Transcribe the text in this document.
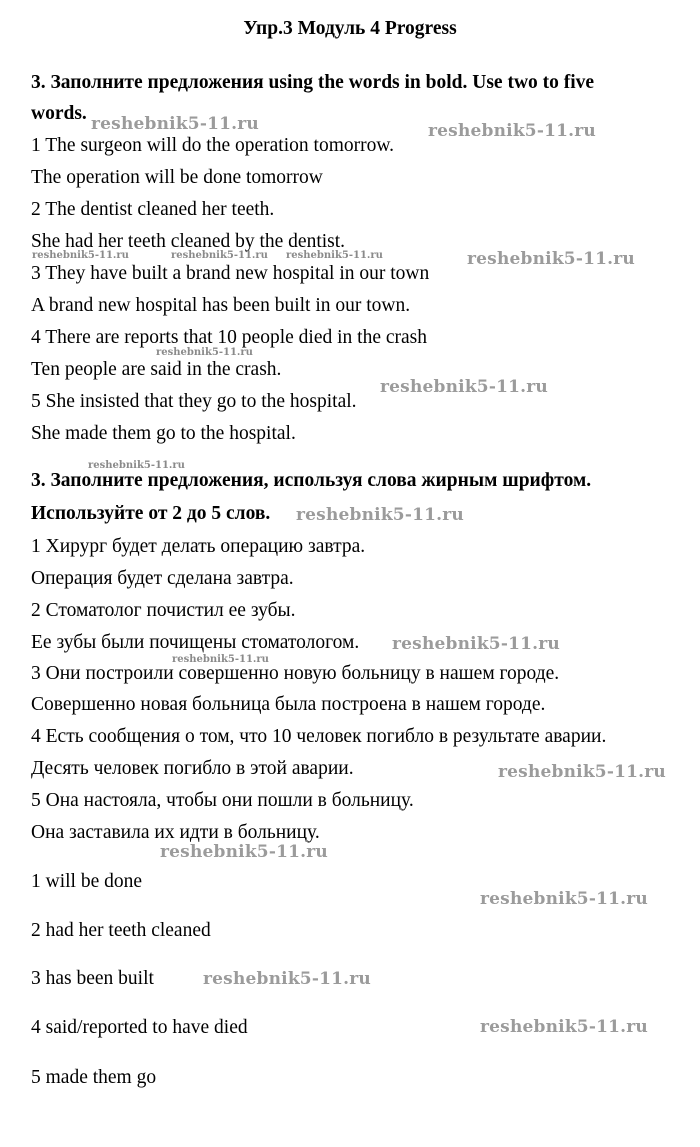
Упр.3 Модуль 4 Progress
3. Заполните предложения using the words in bold. Use two to five
words.
1 The surgeon will do the operation tomorrow.
The operation will be done tomorrow
2 The dentist cleaned her teeth.
She had her teeth cleaned by the dentist.
3 They have built a brand new hospital in our town
A brand new hospital has been built in our town.
4 There are reports that 10 people died in the crash
Ten people are said in the crash.
5 She insisted that they go to the hospital.
She made them go to the hospital.
3. Заполните предложения, используя слова жирным шрифтом.
Используйте от 2 до 5 слов.
1 Хирург будет делать операцию завтра.
Операция будет сделана завтра.
2 Стоматолог почистил ее зубы.
Ее зубы были почищены стоматологом.
3 Они построили совершенно новую больницу в нашем городе.
Совершенно новая больница была построена в нашем городе.
4 Есть сообщения о том, что 10 человек погибло в результате аварии.
Десять человек погибло в этой аварии.
5 Она настояла, чтобы они пошли в больницу.
Она заставила их идти в больницу.
1 will be done
2 had her teeth cleaned
3 has been built
4 said/reported to have died
5 made them go
reshebnik5-11.ru	reshebnik5-11.ru
reshebnik5-11.ru	reshebnik5-11.ru reshebnik5-11.ru	reshebnik5-11.ru
reshebnik5-11.ru
reshebnik5-11.ru
reshebnik5-11.ru
reshebnik5-11.ru
reshebnik5-11.ru
reshebnik5-11.ru
reshebnik5-11.ru
reshebnik5-11.ru
reshebnik5-11.ru
reshebnik5-11.ru
reshebnik5-11.ru
